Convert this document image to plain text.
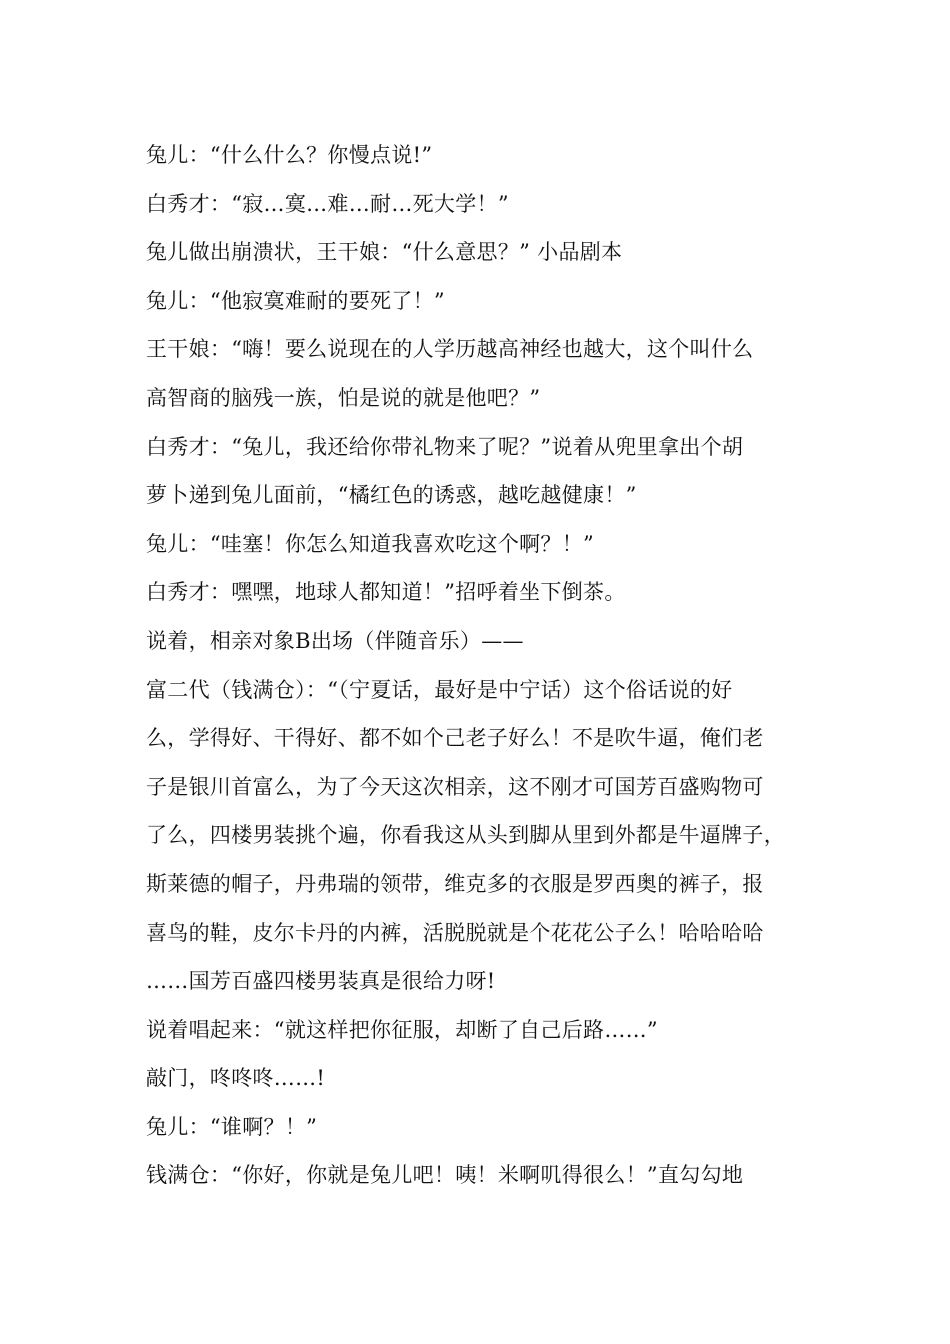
兔儿：“什么什么？你慢点说!”
白秀才：“寂…寞…难…耐…死大学！”
兔儿做出崩溃状，王干娘：“什么意思？” 小品剧本
兔儿：“他寂寞难耐的要死了！”
王干娘：“嗨！要么说现在的人学历越高神经也越大，这个叫什么
高智商的脑残一族，怕是说的就是他吧？”
白秀才：“兔儿，我还给你带礼物来了呢？”说着从兜里拿出个胡
萝卜递到兔儿面前，“橘红色的诱惑，越吃越健康！”
兔儿：“哇塞！你怎么知道我喜欢吃这个啊？！”
白秀才：嘿嘿，地球人都知道！”招呼着坐下倒茶。
说着，相亲对象B出场（伴随音乐）——
富二代（钱满仓）：“（宁夏话，最好是中宁话）这个俗话说的好
么，学得好、干得好、都不如个己老子好么！不是吹牛逼，俺们老
子是银川首富么，为了今天这次相亲，这不刚才可国芳百盛购物可
了么，四楼男装挑个遍，你看我这从头到脚从里到外都是牛逼牌子，
斯莱德的帽子，丹弗瑞的领带，维克多的衣服是罗西奥的裤子，报
喜鸟的鞋，皮尔卡丹的内裤，活脱脱就是个花花公子么！哈哈哈哈
……国芳百盛四楼男装真是很给力呀!
说着唱起来：“就这样把你征服，却断了自己后路……”
敲门，咚咚咚……!
兔儿：“谁啊？！”
钱满仓：“你好，你就是兔儿吧！咦！米啊叽得很么！”直勾勾地
